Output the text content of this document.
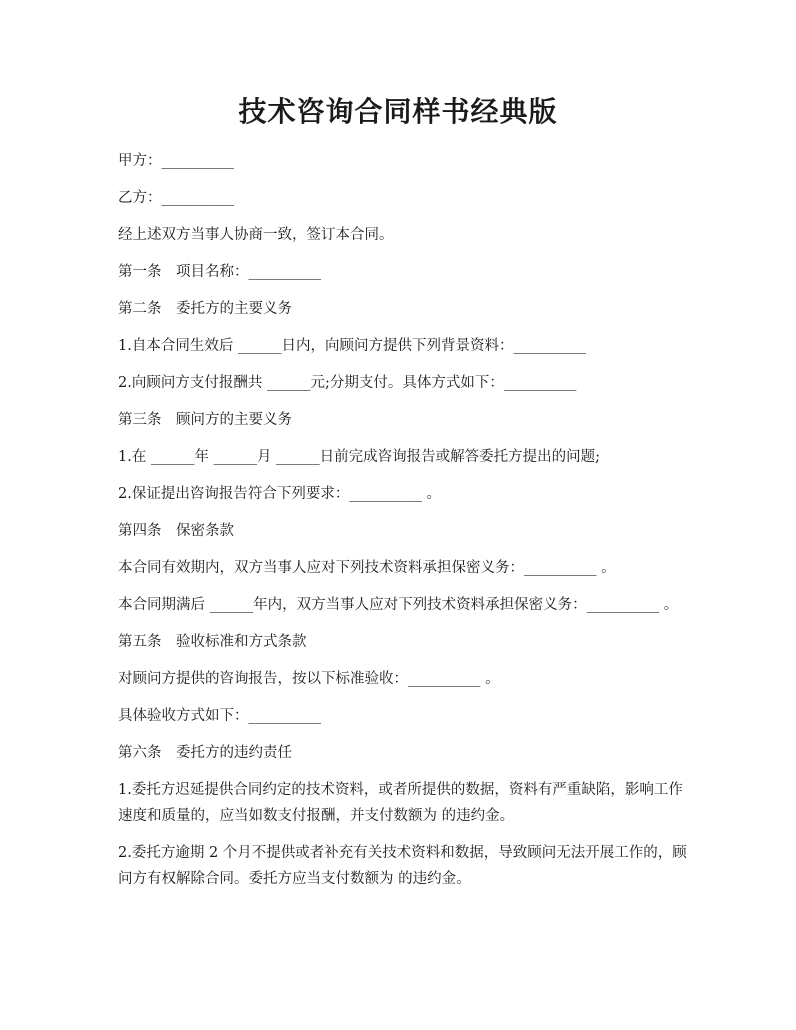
技术咨询合同样书经典版

甲方：__________

乙方：__________

经上述双方当事人协商一致，签订本合同。

第一条　项目名称：__________

第二条　委托方的主要义务

1.自本合同生效后 ______日内，向顾问方提供下列背景资料：__________

2.向顾问方支付报酬共 ______元;分期支付。具体方式如下：__________

第三条　顾问方的主要义务

1.在 ______年 ______月 ______日前完成咨询报告或解答委托方提出的问题;

2.保证提出咨询报告符合下列要求：__________ 。

第四条　保密条款

本合同有效期内，双方当事人应对下列技术资料承担保密义务：__________ 。

本合同期满后 ______年内，双方当事人应对下列技术资料承担保密义务：__________ 。

第五条　验收标准和方式条款

对顾问方提供的咨询报告，按以下标准验收：__________ 。

具体验收方式如下：__________

第六条　委托方的违约责任

1.委托方迟延提供合同约定的技术资料，或者所提供的数据，资料有严重缺陷，影响工作速度和质量的，应当如数支付报酬，并支付数额为 的违约金。

2.委托方逾期 2 个月不提供或者补充有关技术资料和数据，导致顾问无法开展工作的，顾问方有权解除合同。委托方应当支付数额为 的违约金。
